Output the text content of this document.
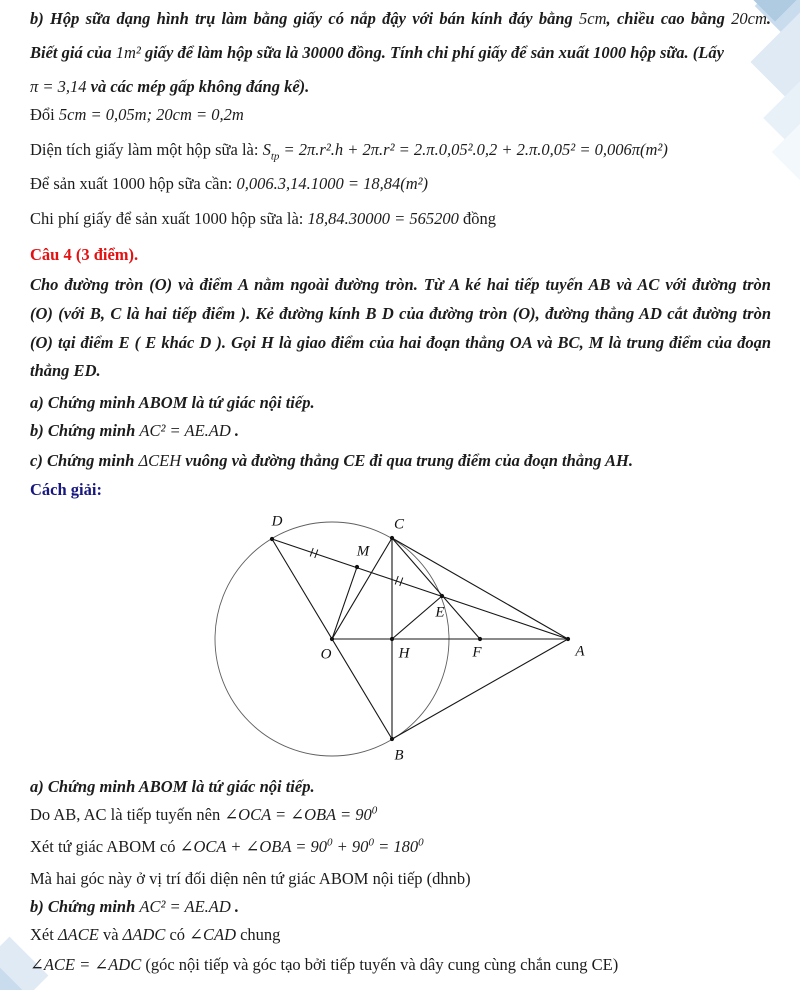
b) Hộp sữa dạng hình trụ làm bằng giấy có nắp đậy với bán kính đáy bằng 5cm, chiều cao bằng 20cm.

Biết giá của 1m² giấy để làm hộp sữa là 30000 đồng. Tính chi phí giấy để sản xuất 1000 hộp sữa. (Lấy

π = 3,14 và các mép gấp không đáng kể).

Đổi 5cm = 0,05m; 20cm = 0,2m

Diện tích giấy làm một hộp sữa là: $S_{tp} = 2\pi.r^2.h + 2\pi.r^2 = 2.\pi.0,05^2.0,2 + 2.\pi.0,05^2 = 0,006\pi(m^2)$

Để sản xuất 1000 hộp sữa cần: 0,006.3,14.1000 = 18,84(m²)

Chi phí giấy để sản xuất 1000 hộp sữa là: 18,84.30000 = 565200 đồng

Câu 4 (3 điểm).

Cho đường tròn (O) và điểm A nằm ngoài đường tròn. Từ A ké hai tiếp tuyến AB và AC với đường tròn

(O) (với B, C là hai tiếp điểm ). Kẻ đường kính B D của đường tròn (O), đường thẳng AD cắt đường tròn

(O) tại điểm E ( E khác D ). Gọi H là giao điểm của hai đoạn thẳng OA và BC, M là trung điểm của đoạn

thẳng ED.

a) Chứng minh ABOM là tứ giác nội tiếp.

b) Chứng minh AC² = AE.AD .

c) Chứng minh ΔCEH vuông và đường thẳng CE đi qua trung điểm của đoạn thẳng AH.

Cách giải:

O	A
B
C
D
E
H	F
M

a) Chứng minh ABOM là tứ giác nội tiếp.

Do AB, AC là tiếp tuyến nên ∠OCA = ∠OBA = $90^0$

Xét tứ giác ABOM có ∠OCA + ∠OBA = $90^0 + 90^0 = 180^0$

Mà hai góc này ở vị trí đối diện nên tứ giác ABOM nội tiếp (dhnb)

b) Chứng minh AC² = AE.AD .

Xét ΔACE và ΔADC có ∠CAD chung

∠ACE = ∠ADC (góc nội tiếp và góc tạo bởi tiếp tuyến và dây cung cùng chắn cung CE)
